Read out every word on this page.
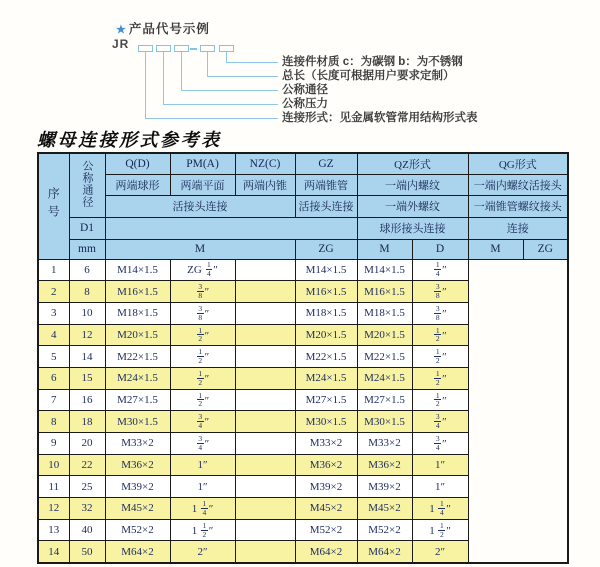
★ 产品代号示例
JR
连接件材质 c：为碳钢 b：为不锈钢
总长（长度可根据用户要求定制）
公称通径
公称压力
连接形式：见金属软管常用结构形式表
螺母连接形式参考表
序号	公称通径	Q(D)	PM(A)	NZ(C)	GZ	QZ形式		QG形式	
		两端球形	两端平面	两端内锥	两端锥管	一端内螺纹		一端内螺纹活接头	
		活接头连接			活接头连接	一端外螺纹		一端锥管螺纹接头	
	D1					球形接头连接		连接	
	mm	M			ZG	M	D	M	ZG
1	6	M14×1.5	ZG $\frac{1}{4}$ ″		M14×1.5	M14×1.5	$\frac{1}{4}$ ″		
2	8	M16×1.5	$\frac{3}{8}$ ″		M16×1.5	M16×1.5	$\frac{3}{8}$ ″		
3	10	M18×1.5	$\frac{3}{8}$ ″		M18×1.5	M18×1.5	$\frac{3}{8}$ ″		
4	12	M20×1.5	$\frac{1}{2}$ ″		M20×1.5	M20×1.5	$\frac{1}{2}$ ″		
5	14	M22×1.5	$\frac{1}{2}$ ″		M22×1.5	M22×1.5	$\frac{1}{2}$ ″		
6	15	M24×1.5	$\frac{1}{2}$ ″		M24×1.5	M24×1.5	$\frac{1}{2}$ ″		
7	16	M27×1.5	$\frac{1}{2}$ ″		M27×1.5	M27×1.5	$\frac{1}{2}$ ″		
8	18	M30×1.5	$\frac{3}{4}$ ″		M30×1.5	M30×1.5	$\frac{3}{4}$ ″		
9	20	M33×2	$\frac{3}{4}$ ″		M33×2	M33×2	$\frac{3}{4}$ ″		
10	22	M36×2	1″		M36×2	M36×2	1″		
11	25	M39×2	1″		M39×2	M39×2	1″		
12	32	M45×2	$1 \frac{1}{4}$ ″		M45×2	M45×2	$1 \frac{1}{4}$ ″		
13	40	M52×2	$1 \frac{1}{2}$ ″		M52×2	M52×2	$1 \frac{1}{2}$ ″		
14	50	M64×2	2″		M64×2	M64×2	2″		
